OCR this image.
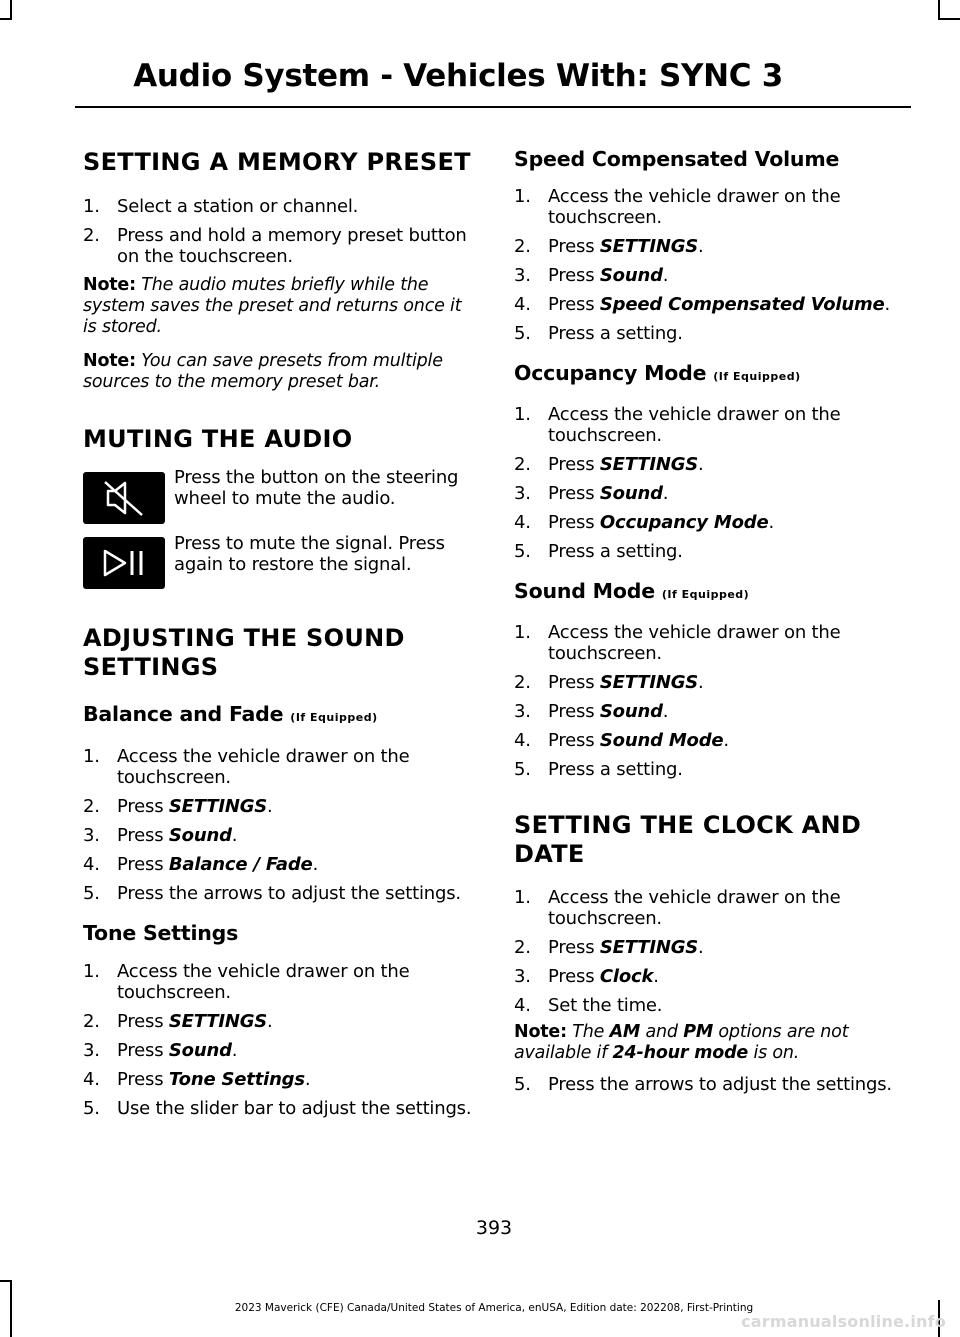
Audio System - Vehicles With: SYNC 3
SETTING A MEMORY PRESET
1. Select a station or channel.
2. Press and hold a memory preset button on the touchscreen.

Note: The audio mutes briefly while the system saves the preset and returns once it is stored.

Note: You can save presets from multiple sources to the memory preset bar.

MUTING THE AUDIO
Press the button on the steering wheel to mute the audio.
Press to mute the signal. Press again to restore the signal.
ADJUSTING THE SOUND
SETTINGS
Balance and Fade (If Equipped)
1. Access the vehicle drawer on the touchscreen.
2. Press SETTINGS.
3. Press Sound.
4. Press Balance / Fade.
5. Press the arrows to adjust the settings.
Tone Settings
1. Access the vehicle drawer on the touchscreen.
2. Press SETTINGS.
3. Press Sound.
4. Press Tone Settings.
5. Use the slider bar to adjust the settings.
Speed Compensated Volume
1. Access the vehicle drawer on the touchscreen.
2. Press SETTINGS.
3. Press Sound.
4. Press Speed Compensated Volume.
5. Press a setting.
Occupancy Mode (If Equipped)
1. Access the vehicle drawer on the touchscreen.
2. Press SETTINGS.
3. Press Sound.
4. Press Occupancy Mode.
5. Press a setting.
Sound Mode (If Equipped)
1. Access the vehicle drawer on the touchscreen.
2. Press SETTINGS.
3. Press Sound.
4. Press Sound Mode.
5. Press a setting.
SETTING THE CLOCK AND
DATE
1. Access the vehicle drawer on the touchscreen.
2. Press SETTINGS.
3. Press Clock.
4. Set the time.

Note: The AM and PM options are not available if 24-hour mode is on.

5. Press the arrows to adjust the settings.
393
2023 Maverick (CFE) Canada/United States of America, enUSA, Edition date: 202208, First-Printing
carmanualsonline.info
